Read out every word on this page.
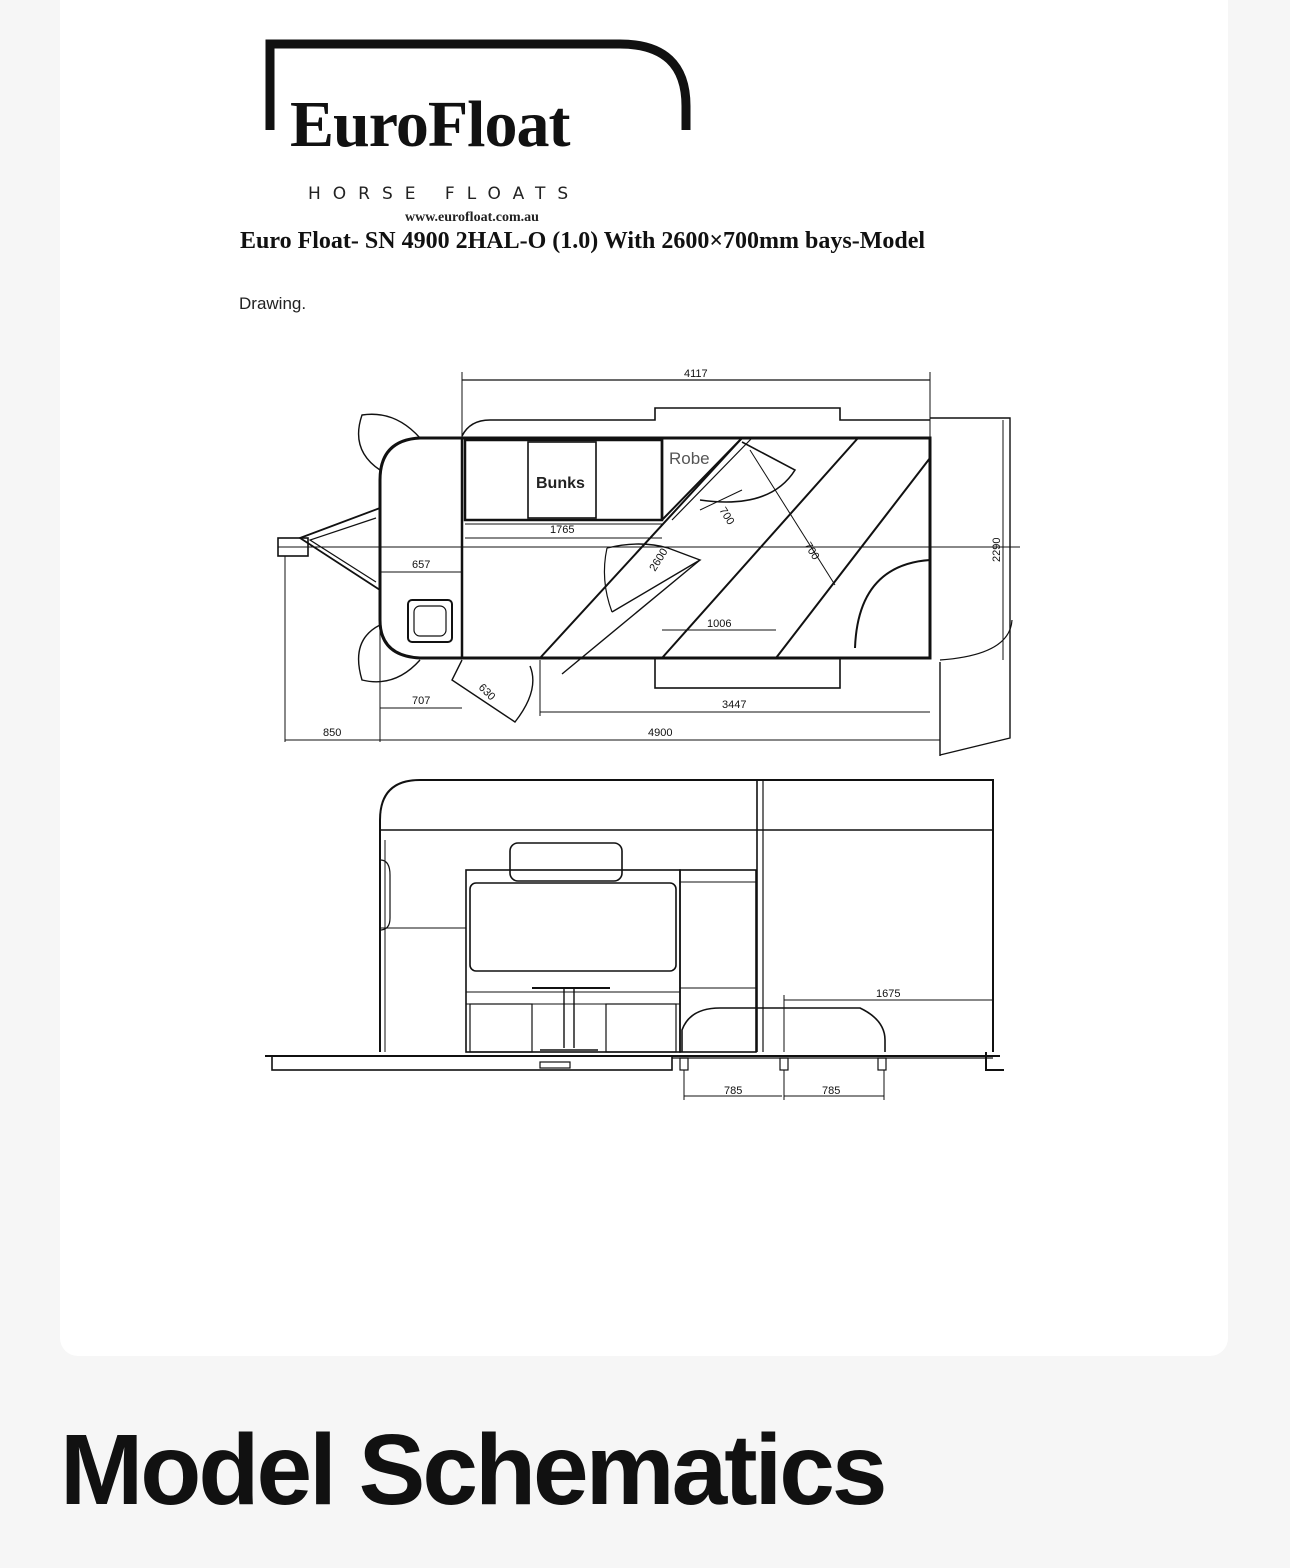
EuroFloat

HORSE FLOATS

www.eurofloat.com.au

Euro Float- SN 4900 2HAL-O (1.0) With 2600×700mm bays-Model

Drawing.

Bunks
Robe
4117
2290
1765
657	2600
700
700
1006
707	630
3447
850	4900
1675
785	785
Model Schematics
